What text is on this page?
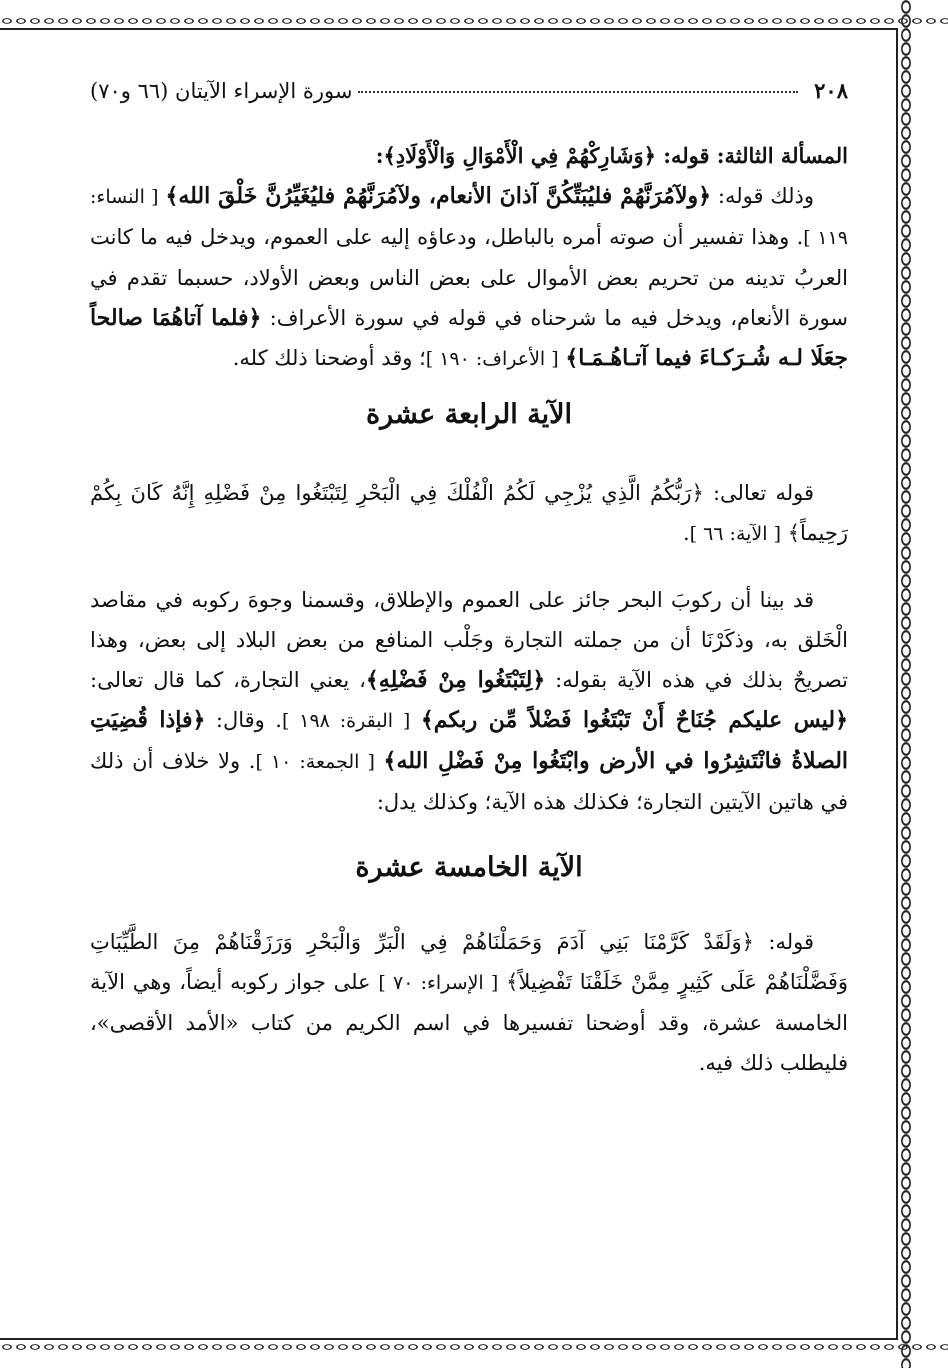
٢٠٨
سورة الإسراء الآيتان (٦٦ و٧٠)

المسألة الثالثة: قوله: ﴿وَشَارِكْهُمْ فِي الْأَمْوَالِ وَالْأَوْلَادِ﴾:

وذلك قوله: ﴿ولآمُرَنَّهُمْ فليُبَتِّكُنَّ آذانَ الأنعام، ولآمُرَنَّهُمْ فليُغَيِّرُنَّ خَلْقَ الله﴾ [ النساء: ١١٩ ]. وهذا تفسير أن صوته أمره بالباطل، ودعاؤه إليه على العموم، ويدخل فيه ما كانت العربُ تدينه من تحريم بعض الأموال على بعض الناس وبعض الأولاد، حسبما تقدم في سورة الأنعام، ويدخل فيه ما شرحناه في قوله في سورة الأعراف: ﴿فلما آتاهُمَا صالحاً جعَلَا لـه شُـرَكـاءَ فيما آتـاهُـمَـا﴾ [ الأعراف: ١٩٠ ]؛ وقد أوضحنا ذلك كله.

الآية الرابعة عشرة

قوله تعالى: ﴿رَبُّكُمُ الَّذِي يُزْجِي لَكُمُ الْفُلْكَ فِي الْبَحْرِ لِتَبْتَغُوا مِنْ فَضْلِهِ إِنَّهُ كَانَ بِكُمْ رَحِيماً﴾ [ الآية: ٦٦ ].

قد بينا أن ركوبَ البحر جائز على العموم والإطلاق، وقسمنا وجوهَ ركوبه في مقاصد الْخَلق به، وذكَرْنَا أن من جملته التجارة وجَلْب المنافع من بعض البلاد إلى بعض، وهذا تصريحٌ بذلك في هذه الآية بقوله: ﴿لِتَبْتَغُوا مِنْ فَضْلِهِ﴾، يعني التجارة، كما قال تعالى: ﴿ليس عليكم جُنَاحٌ أَنْ تَبْتَغُوا فَضْلاً مِّن ربكم﴾ [ البقرة: ١٩٨ ]. وقال: ﴿فإذا قُضِيَتِ الصلاةُ فانْتَشِرُوا في الأرض وابْتَغُوا مِنْ فَضْلِ الله﴾ [ الجمعة: ١٠ ]. ولا خلاف أن ذلك في هاتين الآيتين التجارة؛ فكذلك هذه الآية؛ وكذلك يدل:

الآية الخامسة عشرة

قوله: ﴿وَلَقَدْ كَرَّمْنَا بَنِي آدَمَ وَحَمَلْنَاهُمْ فِي الْبَرِّ وَالْبَحْرِ وَرَزَقْنَاهُمْ مِنَ الطَّيِّبَاتِ وَفَضَّلْنَاهُمْ عَلَى كَثِيرٍ مِمَّنْ خَلَقْنَا تَفْضِيلاً﴾ [ الإسراء: ٧٠ ] على جواز ركوبه أيضاً، وهي الآية الخامسة عشرة، وقد أوضحنا تفسيرها في اسم الكريم من كتاب «الأمد الأقصى»، فليطلب ذلك فيه.
